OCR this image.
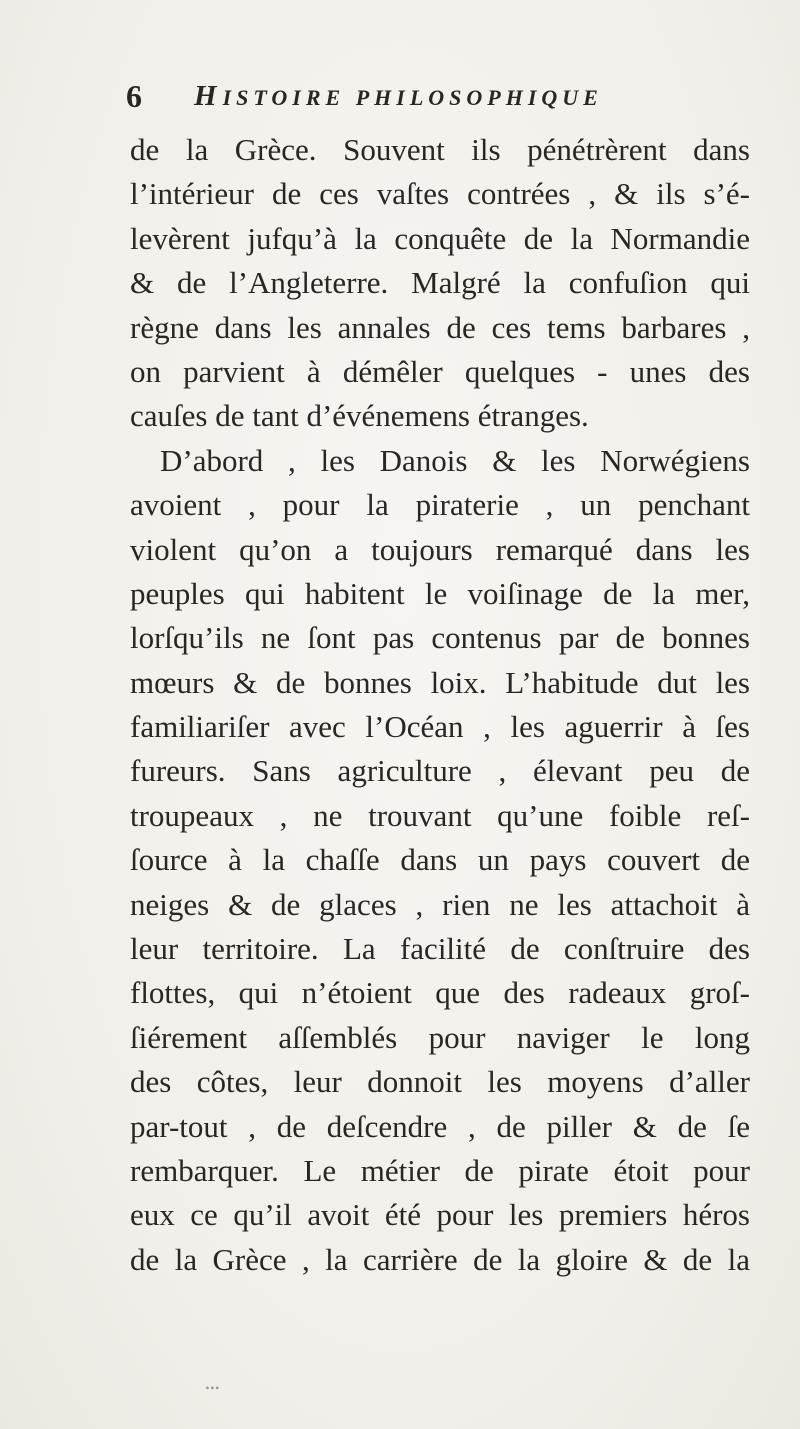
6 HISTOIRE PHILOSOPHIQUE
de la Grèce. Souvent ils pénétrèrent dans
l’intérieur de ces vaſtes contrées , & ils s’é-
levèrent jufqu’à la conquête de la Normandie
& de l’Angleterre. Malgré la confuſion qui
règne dans les annales de ces tems barbares ,
on parvient à démêler quelques - unes des
cauſes de tant d’événemens étranges.
D’abord , les Danois & les Norwégiens
avoient , pour la piraterie , un penchant
violent qu’on a toujours remarqué dans les
peuples qui habitent le voiſinage de la mer,
lorſqu’ils ne ſont pas contenus par de bonnes
mœurs & de bonnes loix. L’habitude dut les
familiariſer avec l’Océan , les aguerrir à ſes
fureurs. Sans agriculture , élevant peu de
troupeaux , ne trouvant qu’une foible reſ-
ſource à la chaſſe dans un pays couvert de
neiges & de glaces , rien ne les attachoit à
leur territoire. La facilité de conſtruire des
flottes, qui n’étoient que des radeaux groſ-
ſiérement aſſemblés pour naviger le long
des côtes, leur donnoit les moyens d’aller
par-tout , de deſcendre , de piller & de ſe
rembarquer. Le métier de pirate étoit pour
eux ce qu’il avoit été pour les premiers héros
de la Grèce , la carrière de la gloire & de la
∙∙∙
